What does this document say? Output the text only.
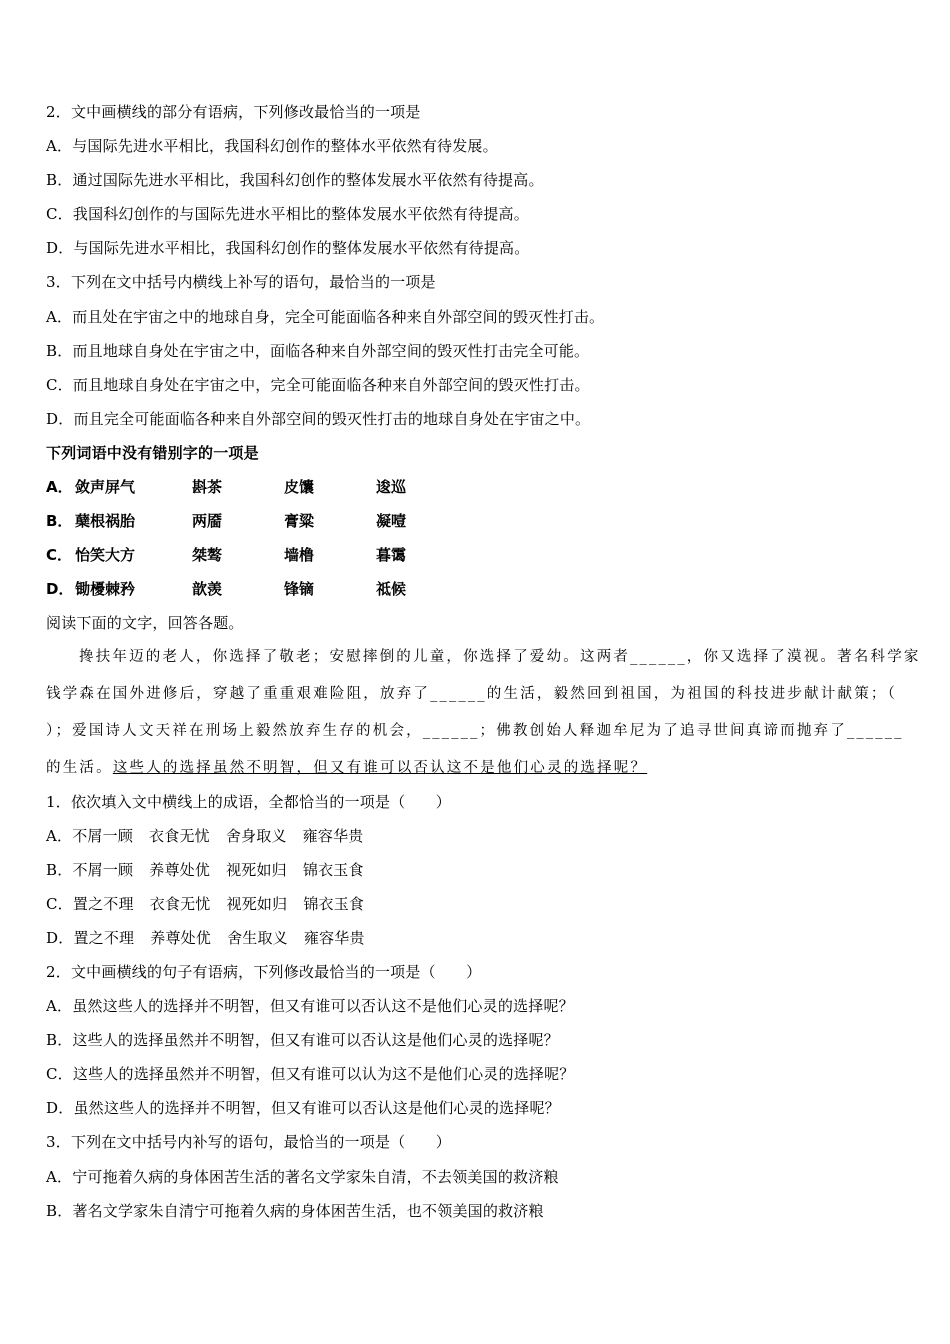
2．文中画横线的部分有语病，下列修改最恰当的一项是
A．与国际先进水平相比，我国科幻创作的整体水平依然有待发展。
B．通过国际先进水平相比，我国科幻创作的整体发展水平依然有待提高。
C．我国科幻创作的与国际先进水平相比的整体发展水平依然有待提高。
D．与国际先进水平相比，我国科幻创作的整体发展水平依然有待提高。
3．下列在文中括号内横线上补写的语句，最恰当的一项是
A．而且处在宇宙之中的地球自身，完全可能面临各种来自外部空间的毁灭性打击。
B．而且地球自身处在宇宙之中，面临各种来自外部空间的毁灭性打击完全可能。
C．而且地球自身处在宇宙之中，完全可能面临各种来自外部空间的毁灭性打击。
D．而且完全可能面临各种来自外部空间的毁灭性打击的地球自身处在宇宙之中。
下列词语中没有错别字的一项是
A． 敛声屏气	斟茶	皮馕	逡巡
B． 蘖根祸胎	两靥	膏粱	凝噎
C． 怡笑大方	桀骜	墙橹	暮霭
D． 锄櫌棘矜	歆羡	锋镝	祗候
阅读下面的文字，回答各题。
搀扶年迈的老人，你选择了敬老；安慰摔倒的儿童，你选择了爱幼。这两者______，你又选择了漠视。著名科学家
钱学森在国外进修后，穿越了重重艰难险阻，放弃了______的生活，毅然回到祖国，为祖国的科技进步献计献策；（
）；爱国诗人文天祥在刑场上毅然放弃生存的机会，______；佛教创始人释迦牟尼为了追寻世间真谛而抛弃了______
的生活。这些人的选择虽然不明智，但又有谁可以否认这不是他们心灵的选择呢？
1．依次填入文中横线上的成语，全都恰当的一项是（　　）
A．不屑一顾 衣食无忧 舍身取义 雍容华贵
B．不屑一顾 养尊处优 视死如归 锦衣玉食
C．置之不理 衣食无忧 视死如归 锦衣玉食
D．置之不理 养尊处优 舍生取义 雍容华贵
2．文中画横线的句子有语病，下列修改最恰当的一项是（　　）
A．虽然这些人的选择并不明智，但又有谁可以否认这不是他们心灵的选择呢？
B．这些人的选择虽然并不明智，但又有谁可以否认这是他们心灵的选择呢？
C．这些人的选择虽然并不明智，但又有谁可以认为这不是他们心灵的选择呢？
D．虽然这些人的选择并不明智，但又有谁可以否认这是他们心灵的选择呢？
3．下列在文中括号内补写的语句，最恰当的一项是（　　）
A．宁可拖着久病的身体困苦生活的著名文学家朱自清，不去领美国的救济粮
B．著名文学家朱自清宁可拖着久病的身体困苦生活，也不领美国的救济粮
